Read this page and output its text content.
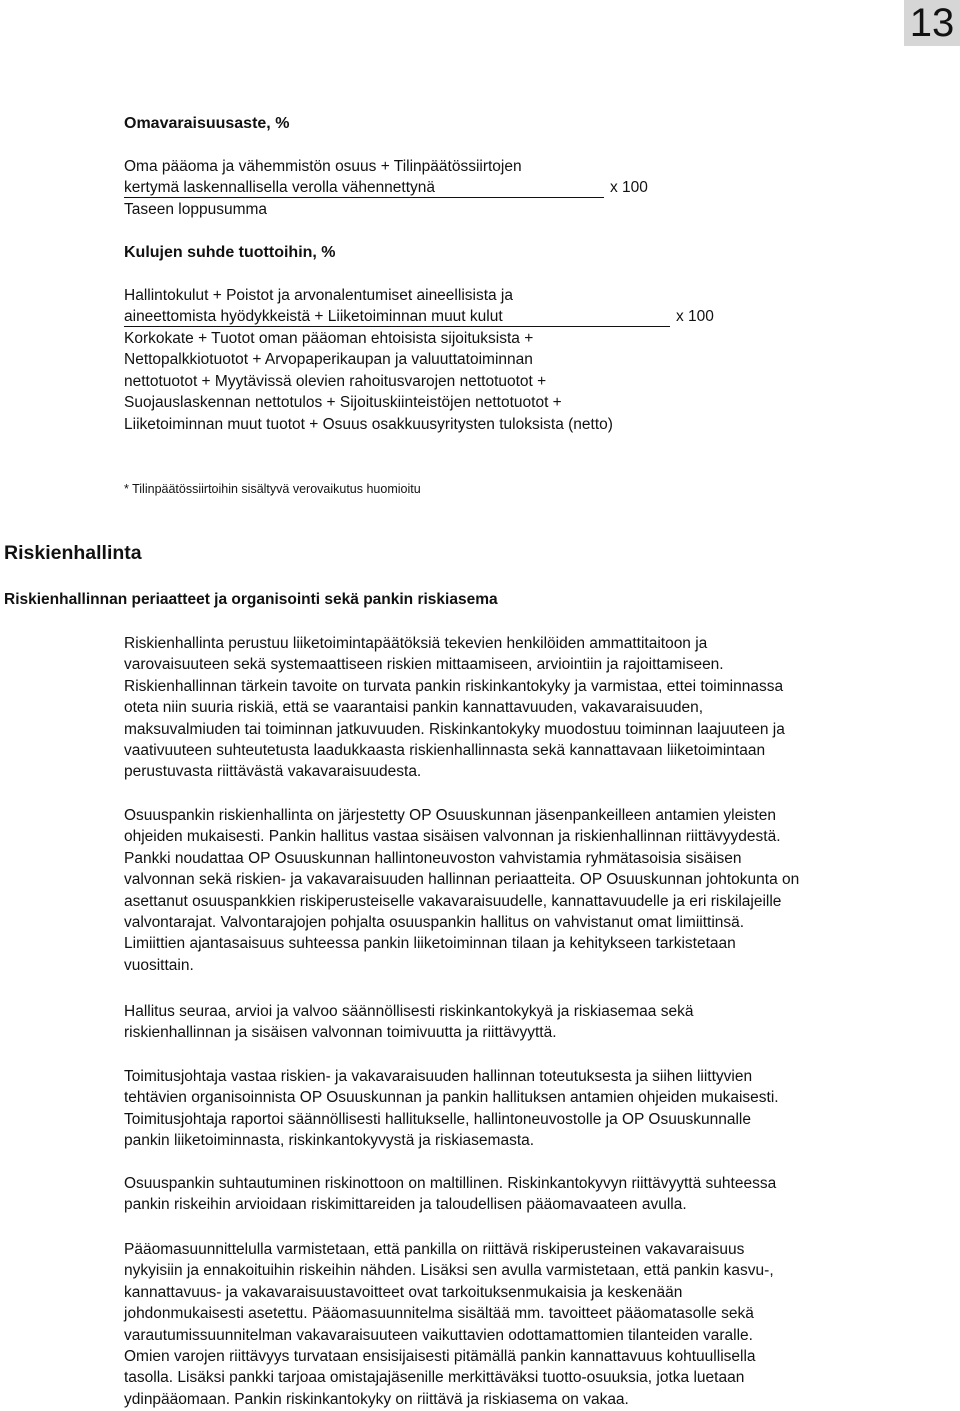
13
Omavaraisuusaste, %
Oma pääoma ja vähemmistön osuus + Tilinpäätössiirtojen
kertymä laskennallisella verolla vähennettynä	x 100
Taseen loppusumma
Kulujen suhde tuottoihin, %
Hallintokulut + Poistot ja arvonalentumiset aineellisista ja
aineettomista hyödykkeistä + Liiketoiminnan muut kulut	x 100
Korkokate + Tuotot oman pääoman ehtoisista sijoituksista +
Nettopalkkiotuotot + Arvopaperikaupan ja valuuttatoiminnan
nettotuotot + Myytävissä olevien rahoitusvarojen nettotuotot +
Suojauslaskennan nettotulos + Sijoituskiinteistöjen nettotuotot +
Liiketoiminnan muut tuotot + Osuus osakkuusyritysten tuloksista (netto)
* Tilinpäätössiirtoihin sisältyvä verovaikutus huomioitu
Riskienhallinta
Riskienhallinnan periaatteet ja organisointi sekä pankin riskiasema
Riskienhallinta perustuu liiketoimintapäätöksiä tekevien henkilöiden ammattitaitoon ja
varovaisuuteen sekä systemaattiseen riskien mittaamiseen, arviointiin ja rajoittamiseen.
Riskienhallinnan tärkein tavoite on turvata pankin riskinkantokyky ja varmistaa, ettei toiminnassa
oteta niin suuria riskiä, että se vaarantaisi pankin kannattavuuden, vakavaraisuuden,
maksuvalmiuden tai toiminnan jatkuvuuden. Riskinkantokyky muodostuu toiminnan laajuuteen ja
vaativuuteen suhteutetusta laadukkaasta riskienhallinnasta sekä kannattavaan liiketoimintaan
perustuvasta riittävästä vakavaraisuudesta.
Osuuspankin riskienhallinta on järjestetty OP Osuuskunnan jäsenpankeilleen antamien yleisten
ohjeiden mukaisesti. Pankin hallitus vastaa sisäisen valvonnan ja riskienhallinnan riittävyydestä.
Pankki noudattaa OP Osuuskunnan hallintoneuvoston vahvistamia ryhmätasoisia sisäisen
valvonnan sekä riskien- ja vakavaraisuuden hallinnan periaatteita. OP Osuuskunnan johtokunta on
asettanut osuuspankkien riskiperusteiselle vakavaraisuudelle, kannattavuudelle ja eri riskilajeille
valvontarajat. Valvontarajojen pohjalta osuuspankin hallitus on vahvistanut omat limiittinsä.
Limiittien ajantasaisuus suhteessa pankin liiketoiminnan tilaan ja kehitykseen tarkistetaan
vuosittain.
Hallitus seuraa, arvioi ja valvoo säännöllisesti riskinkantokykyä ja riskiasemaa sekä
riskienhallinnan ja sisäisen valvonnan toimivuutta ja riittävyyttä.
Toimitusjohtaja vastaa riskien- ja vakavaraisuuden hallinnan toteutuksesta ja siihen liittyvien
tehtävien organisoinnista OP Osuuskunnan ja pankin hallituksen antamien ohjeiden mukaisesti.
Toimitusjohtaja raportoi säännöllisesti hallitukselle, hallintoneuvostolle ja OP Osuuskunnalle
pankin liiketoiminnasta, riskinkantokyvystä ja riskiasemasta.
Osuuspankin suhtautuminen riskinottoon on maltillinen. Riskinkantokyvyn riittävyyttä suhteessa
pankin riskeihin arvioidaan riskimittareiden ja taloudellisen pääomavaateen avulla.
Pääomasuunnittelulla varmistetaan, että pankilla on riittävä riskiperusteinen vakavaraisuus
nykyisiin ja ennakoituihin riskeihin nähden. Lisäksi sen avulla varmistetaan, että pankin kasvu-,
kannattavuus- ja vakavaraisuustavoitteet ovat tarkoituksenmukaisia ja keskenään
johdonmukaisesti asetettu. Pääomasuunnitelma sisältää mm. tavoitteet pääomatasolle sekä
varautumissuunnitelman vakavaraisuuteen vaikuttavien odottamattomien tilanteiden varalle.
Omien varojen riittävyys turvataan ensisijaisesti pitämällä pankin kannattavuus kohtuullisella
tasolla. Lisäksi pankki tarjoaa omistajajäsenille merkittäväksi tuotto-osuuksia, jotka luetaan
ydinpääomaan. Pankin riskinkantokyky on riittävä ja riskiasema on vakaa.
